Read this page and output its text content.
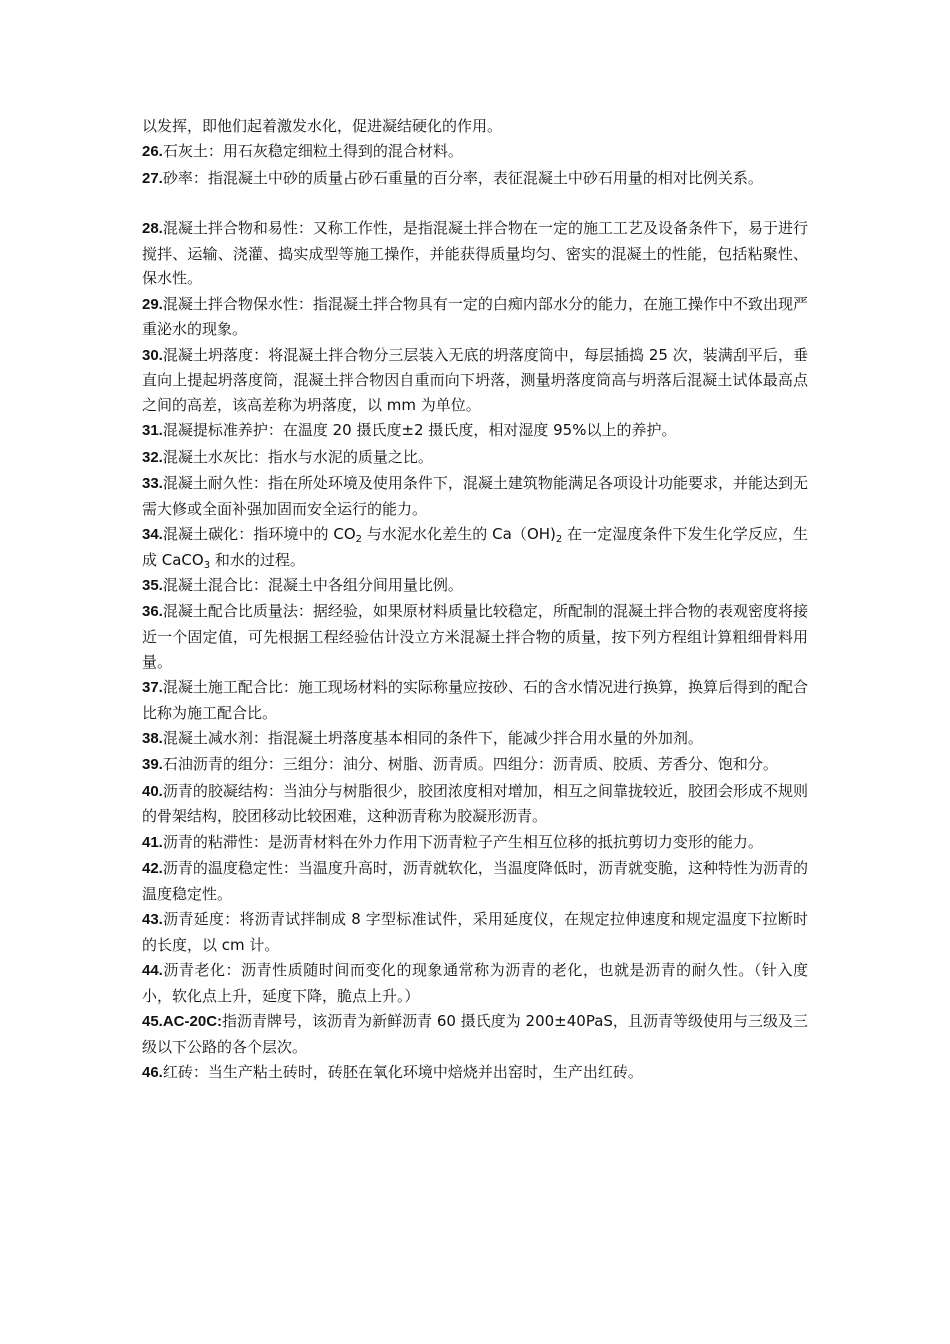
以发挥，即他们起着激发水化，促进凝结硬化的作用。

26.石灰土：用石灰稳定细粒土得到的混合材料。

27.砂率：指混凝土中砂的质量占砂石重量的百分率，表征混凝土中砂石用量的相对比例关系。

28.混凝土拌合物和易性：又称工作性，是指混凝土拌合物在一定的施工工艺及设备条件下，易于进行搅拌、运输、浇灌、捣实成型等施工操作，并能获得质量均匀、密实的混凝土的性能，包括粘聚性、保水性。

29.混凝土拌合物保水性：指混凝土拌合物具有一定的白痴内部水分的能力，在施工操作中不致出现严重泌水的现象。

30.混凝土坍落度：将混凝土拌合物分三层装入无底的坍落度筒中，每层插捣 25 次，装满刮平后，垂直向上提起坍落度筒，混凝土拌合物因自重而向下坍落，测量坍落度筒高与坍落后混凝土试体最高点之间的高差，该高差称为坍落度，以 mm 为单位。

31.混凝提标准养护：在温度 20 摄氏度±2 摄氏度，相对湿度 95%以上的养护。

32.混凝土水灰比：指水与水泥的质量之比。

33.混凝土耐久性：指在所处环境及使用条件下，混凝土建筑物能满足各项设计功能要求，并能达到无需大修或全面补强加固而安全运行的能力。

34.混凝土碳化：指环境中的 $CO_2$ 与水泥水化差生的 $Ca(OH)_2$ 在一定湿度条件下发生化学反应，生成 CaCO$_3$ 和水的过程。

35.混凝土混合比：混凝土中各组分间用量比例。

36.混凝土配合比质量法：据经验，如果原材料质量比较稳定，所配制的混凝土拌合物的表观密度将接近一个固定值，可先根据工程经验估计没立方米混凝土拌合物的质量，按下列方程组计算粗细骨料用量。

37.混凝土施工配合比：施工现场材料的实际称量应按砂、石的含水情况进行换算，换算后得到的配合比称为施工配合比。

38.混凝土减水剂：指混凝土坍落度基本相同的条件下，能减少拌合用水量的外加剂。

39.石油沥青的组分：三组分：油分、树脂、沥青质。四组分：沥青质、胶质、芳香分、饱和分。

40.沥青的胶凝结构：当油分与树脂很少，胶团浓度相对增加，相互之间靠拢较近，胶团会形成不规则的骨架结构，胶团移动比较困难，这种沥青称为胶凝形沥青。

41.沥青的粘滞性：是沥青材料在外力作用下沥青粒子产生相互位移的抵抗剪切力变形的能力。

42.沥青的温度稳定性：当温度升高时，沥青就软化，当温度降低时，沥青就变脆，这种特性为沥青的温度稳定性。

43.沥青延度：将沥青试拌制成 8 字型标准试件，采用延度仪，在规定拉伸速度和规定温度下拉断时的长度，以 cm 计。

44.沥青老化：沥青性质随时间而变化的现象通常称为沥青的老化，也就是沥青的耐久性。（针入度小，软化点上升，延度下降，脆点上升。）

45.AC-20C:指沥青牌号，该沥青为新鲜沥青 60 摄氏度为 200±40PaS，且沥青等级使用与三级及三级以下公路的各个层次。

46.红砖：当生产粘土砖时，砖胚在氧化环境中焙烧并出窑时，生产出红砖。
